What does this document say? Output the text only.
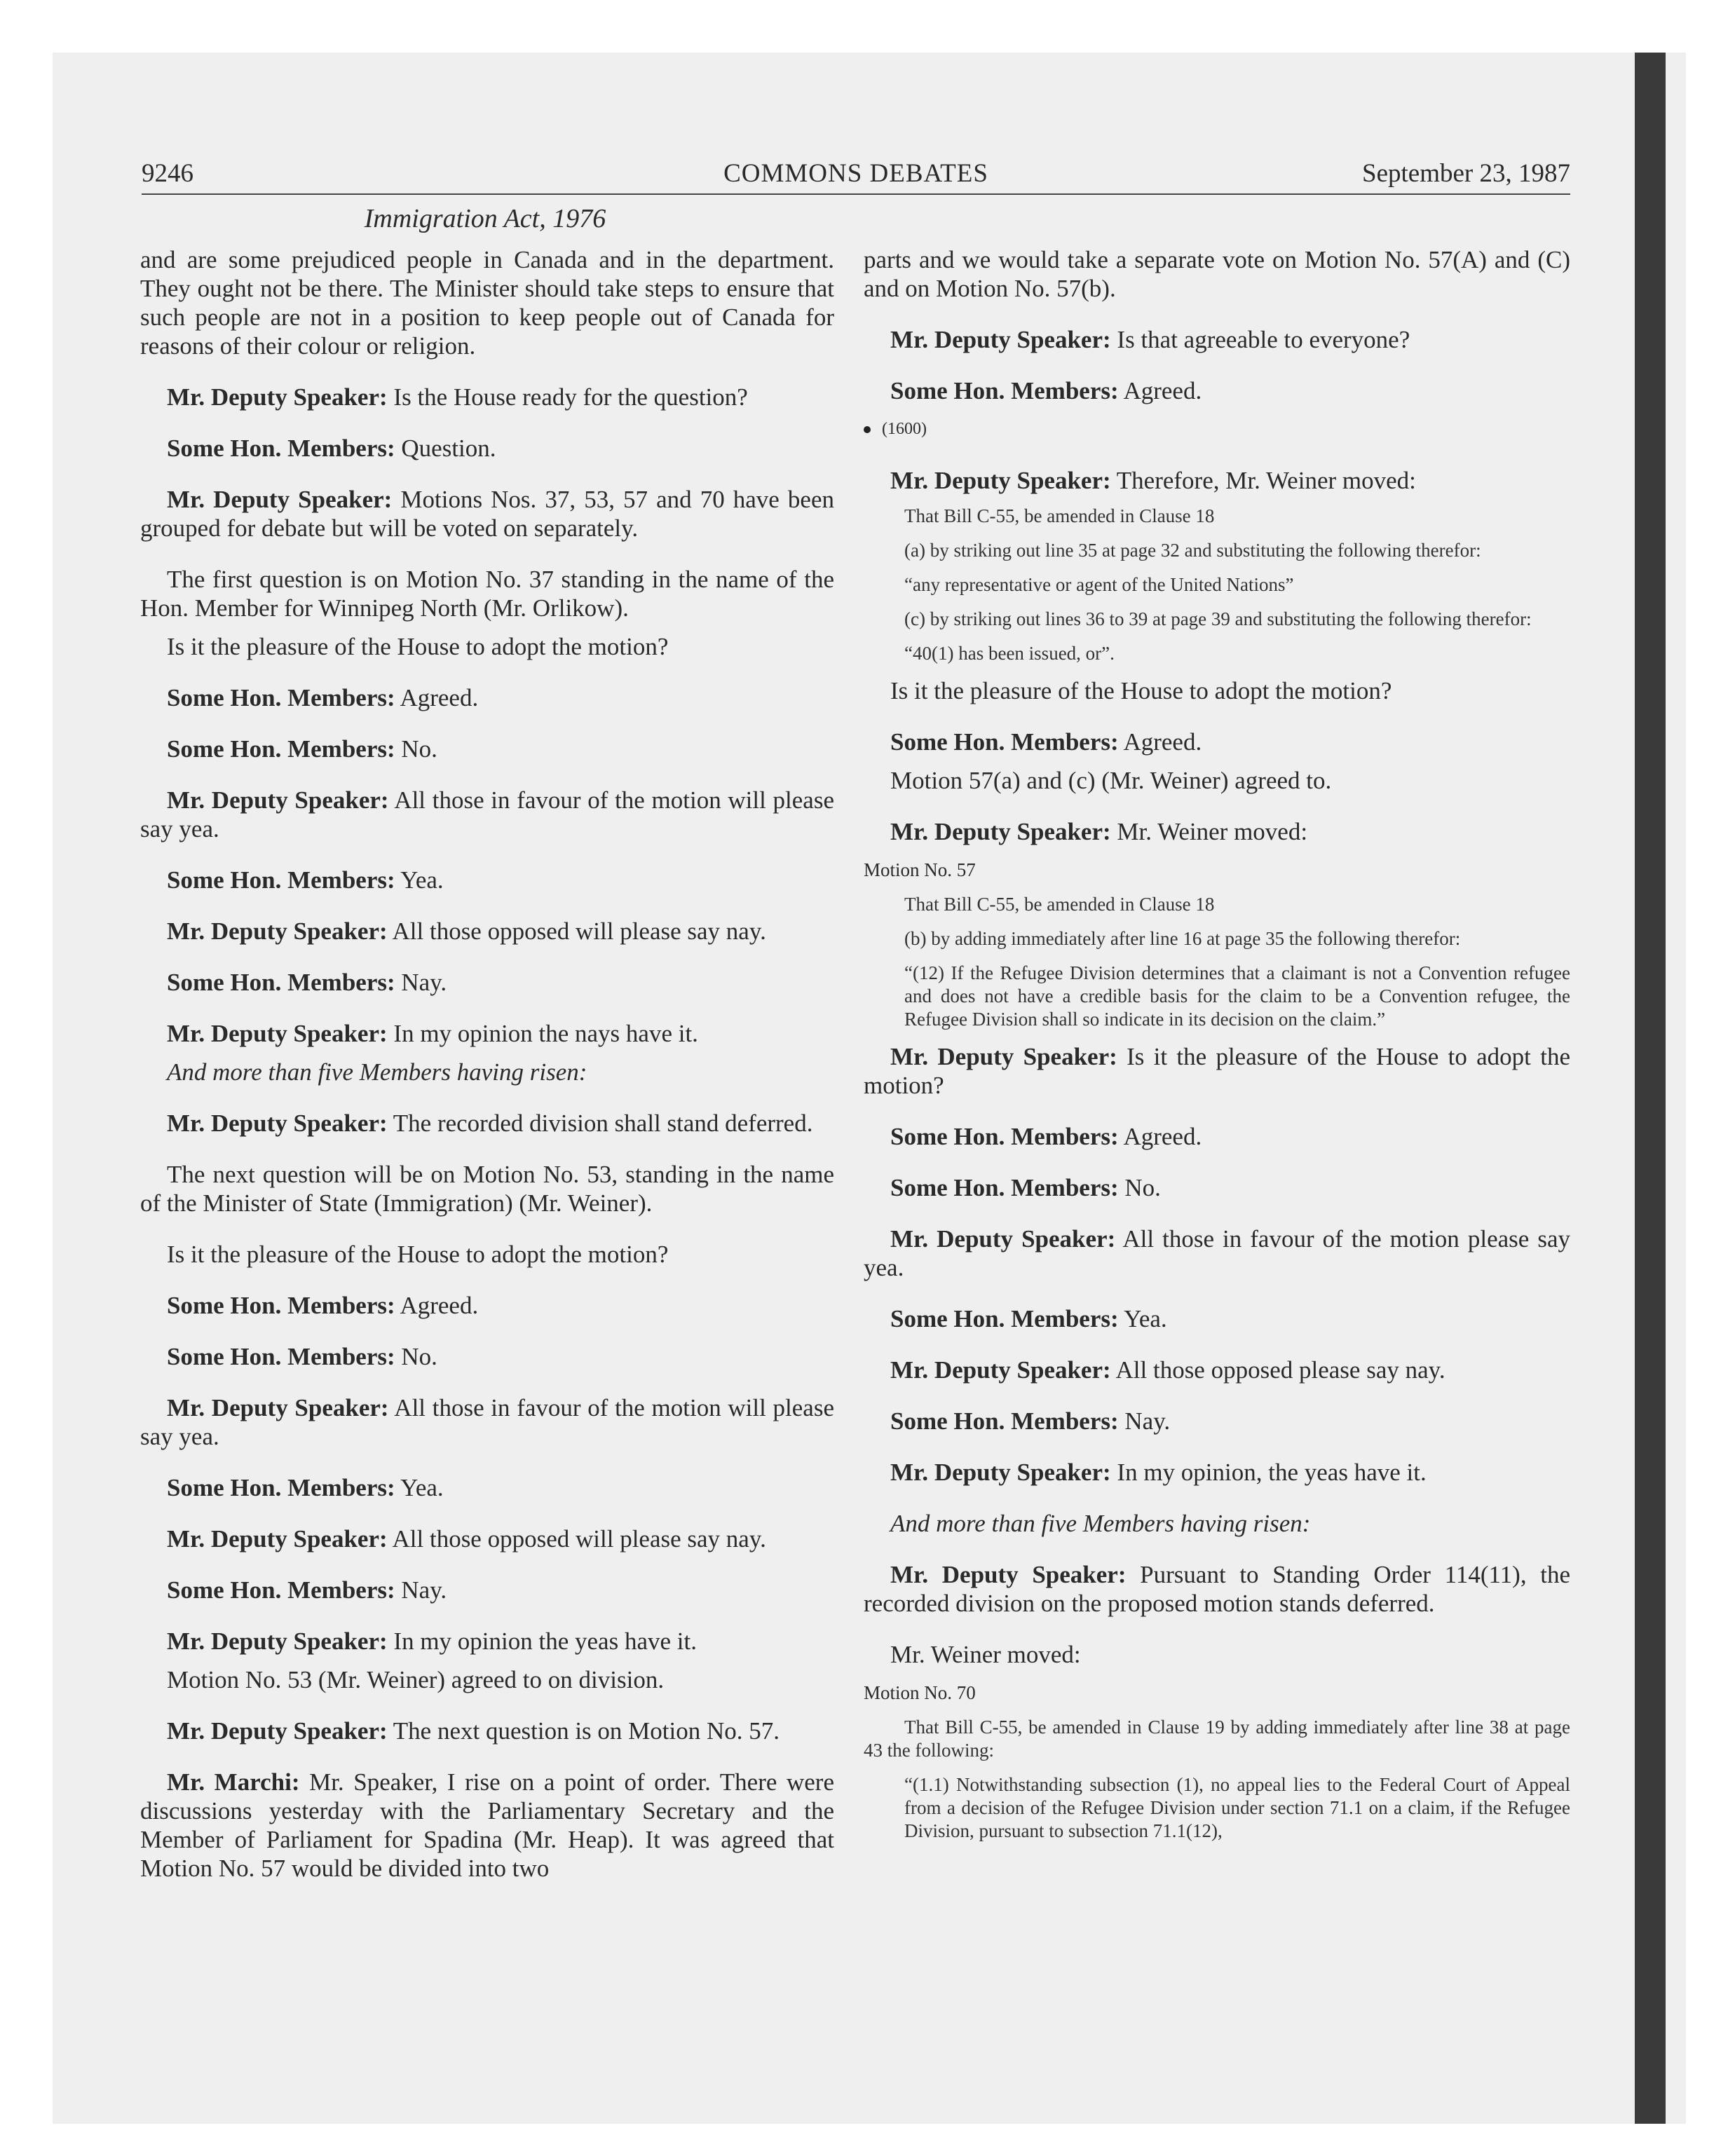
9246	COMMONS DEBATES	September 23, 1987
Immigration Act, 1976

and are some prejudiced people in Canada and in the department. They ought not be there. The Minister should take steps to ensure that such people are not in a position to keep people out of Canada for reasons of their colour or religion.

Mr. Deputy Speaker: Is the House ready for the question?

Some Hon. Members: Question.

Mr. Deputy Speaker: Motions Nos. 37, 53, 57 and 70 have been grouped for debate but will be voted on separately.

The first question is on Motion No. 37 standing in the name of the Hon. Member for Winnipeg North (Mr. Orlikow).

Is it the pleasure of the House to adopt the motion?

Some Hon. Members: Agreed.

Some Hon. Members: No.

Mr. Deputy Speaker: All those in favour of the motion will please say yea.

Some Hon. Members: Yea.

Mr. Deputy Speaker: All those opposed will please say nay.

Some Hon. Members: Nay.

Mr. Deputy Speaker: In my opinion the nays have it.

And more than five Members having risen:

Mr. Deputy Speaker: The recorded division shall stand deferred.

The next question will be on Motion No. 53, standing in the name of the Minister of State (Immigration) (Mr. Weiner).

Is it the pleasure of the House to adopt the motion?

Some Hon. Members: Agreed.

Some Hon. Members: No.

Mr. Deputy Speaker: All those in favour of the motion will please say yea.

Some Hon. Members: Yea.

Mr. Deputy Speaker: All those opposed will please say nay.

Some Hon. Members: Nay.

Mr. Deputy Speaker: In my opinion the yeas have it.

Motion No. 53 (Mr. Weiner) agreed to on division.

Mr. Deputy Speaker: The next question is on Motion No. 57.

Mr. Marchi: Mr. Speaker, I rise on a point of order. There were discussions yesterday with the Parliamentary Secretary and the Member of Parliament for Spadina (Mr. Heap). It was agreed that Motion No. 57 would be divided into two

parts and we would take a separate vote on Motion No. 57(A) and (C) and on Motion No. 57(b).

Mr. Deputy Speaker: Is that agreeable to everyone?

Some Hon. Members: Agreed.

(1600)

Mr. Deputy Speaker: Therefore, Mr. Weiner moved:

That Bill C-55, be amended in Clause 18

(a) by striking out line 35 at page 32 and substituting the following therefor:

“any representative or agent of the United Nations”

(c) by striking out lines 36 to 39 at page 39 and substituting the following therefor:

“40(1) has been issued, or”.

Is it the pleasure of the House to adopt the motion?

Some Hon. Members: Agreed.

Motion 57(a) and (c) (Mr. Weiner) agreed to.

Mr. Deputy Speaker: Mr. Weiner moved:

Motion No. 57

That Bill C-55, be amended in Clause 18

(b) by adding immediately after line 16 at page 35 the following therefor:

“(12) If the Refugee Division determines that a claimant is not a Convention refugee and does not have a credible basis for the claim to be a Convention refugee, the Refugee Division shall so indicate in its decision on the claim.”

Mr. Deputy Speaker: Is it the pleasure of the House to adopt the motion?

Some Hon. Members: Agreed.

Some Hon. Members: No.

Mr. Deputy Speaker: All those in favour of the motion please say yea.

Some Hon. Members: Yea.

Mr. Deputy Speaker: All those opposed please say nay.

Some Hon. Members: Nay.

Mr. Deputy Speaker: In my opinion, the yeas have it.

And more than five Members having risen:

Mr. Deputy Speaker: Pursuant to Standing Order 114(11), the recorded division on the proposed motion stands deferred.

Mr. Weiner moved:

Motion No. 70

That Bill C-55, be amended in Clause 19 by adding immediately after line 38 at page 43 the following:

“(1.1) Notwithstanding subsection (1), no appeal lies to the Federal Court of Appeal from a decision of the Refugee Division under section 71.1 on a claim, if the Refugee Division, pursuant to subsection 71.1(12),
